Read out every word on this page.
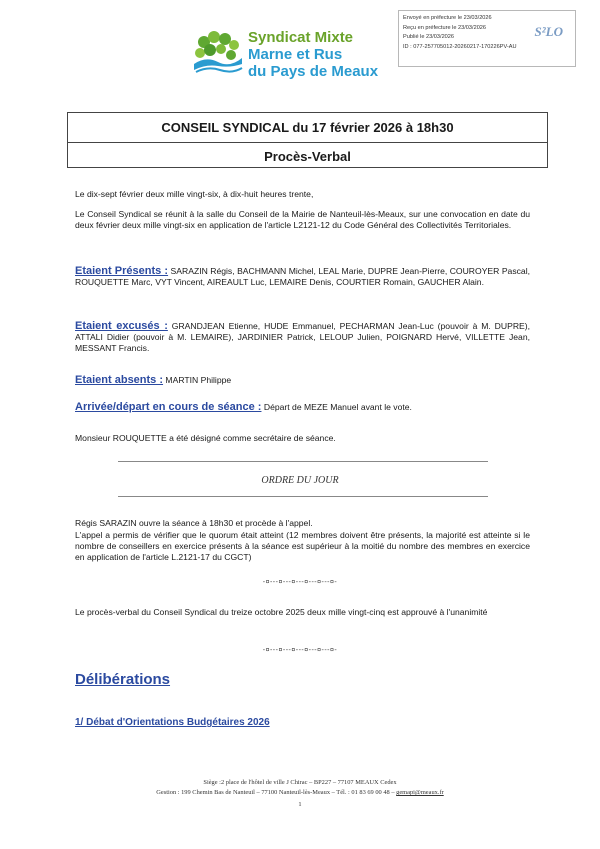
Syndicat Mixte
Marne et Rus
du Pays de Meaux
Envoyé en préfecture le 23/03/2026
Reçu en préfecture le 23/03/2026
Publié le 23/03/2026
ID : 077-257705012-20260217-170226PV-AU
S²LO
CONSEIL SYNDICAL du 17 février 2026 à 18h30
Procès-Verbal
Le dix-sept février deux mille vingt-six, à dix-huit heures trente,
Le Conseil Syndical se réunit à la salle du Conseil de la Mairie de Nanteuil-lès-Meaux, sur une convocation en date du deux février deux mille vingt-six en application de l'article L2121-12 du Code Général des Collectivités Territoriales.
Etaient Présents : SARAZIN Régis, BACHMANN Michel, LEAL Marie, DUPRE Jean-Pierre, COUROYER Pascal, ROUQUETTE Marc, VYT Vincent, AIREAULT Luc, LEMAIRE Denis, COURTIER Romain, GAUCHER Alain.
Etaient excusés : GRANDJEAN Etienne, HUDE Emmanuel, PECHARMAN Jean-Luc (pouvoir à M. DUPRE), ATTALI Didier (pouvoir à M. LEMAIRE), JARDINIER Patrick, LELOUP Julien, POIGNARD Hervé, VILLETTE Jean, MESSANT Francis.
Etaient absents : MARTIN Philippe
Arrivée/départ en cours de séance : Départ de MEZE Manuel avant le vote.
Monsieur ROUQUETTE a été désigné comme secrétaire de séance.
ORDRE DU JOUR
Régis SARAZIN ouvre la séance à 18h30 et procède à l'appel.
L'appel a permis de vérifier que le quorum était atteint (12 membres doivent être présents, la majorité est atteinte si le nombre de conseillers en exercice présents à la séance est supérieur à la moitié du nombre des membres en exercice en application de l'article L.2121-17 du CGCT)
-¤---¤---¤---¤---¤---¤-
Le procès-verbal du Conseil Syndical du treize octobre 2025 deux mille vingt-cinq est approuvé à l'unanimité
-¤---¤---¤---¤---¤---¤-
Délibérations
1/ Débat d'Orientations Budgétaires 2026
Siège :2 place de l'hôtel de ville J Chirac – BP227 – 77107 MEAUX Cedex
Gestion : 199 Chemin Bas de Nanteuil – 77100 Nanteuil-lès-Meaux – Tél. : 01 83 69 00 48 – gemapi@meaux.fr
1
